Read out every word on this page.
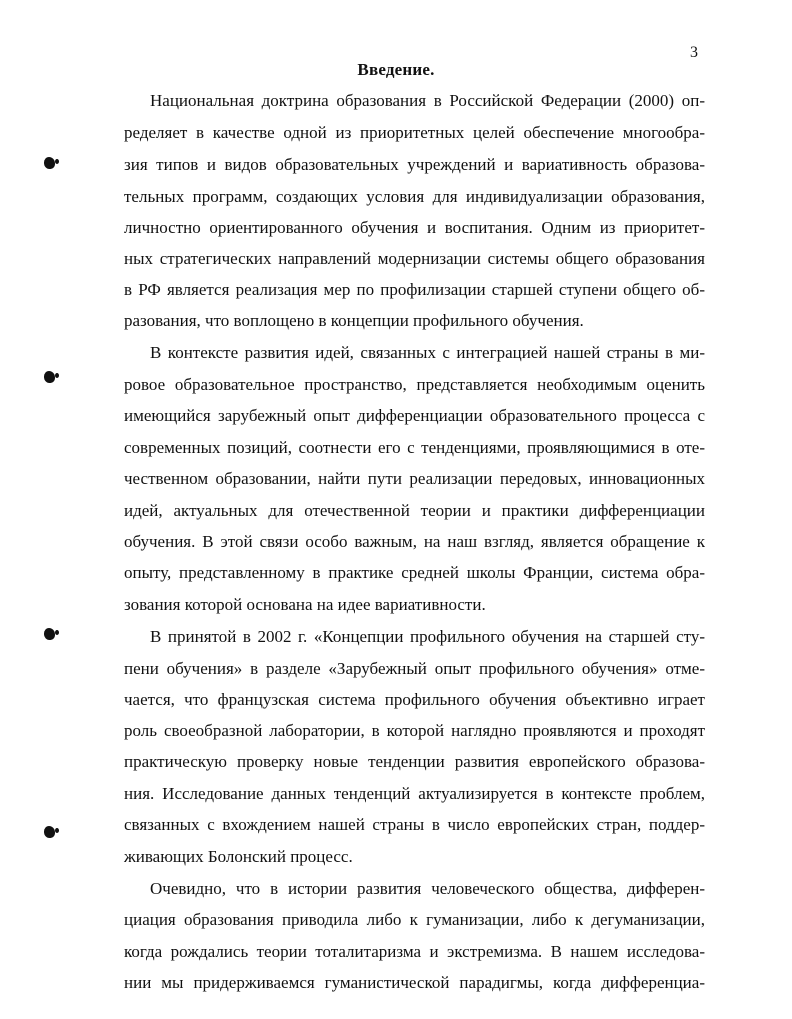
3
Введение.
Национальная доктрина образования в Российской Федерации (2000) оп-
ределяет в качестве одной из приоритетных целей обеспечение многообра-
зия типов и видов образовательных учреждений и вариативность образова-
тельных программ, создающих условия для индивидуализации образования,
личностно ориентированного обучения и воспитания. Одним из приоритет-
ных стратегических направлений модернизации системы общего образования
в РФ является реализация мер по профилизации старшей ступени общего об-
разования, что воплощено в концепции профильного обучения.
В контексте развития идей, связанных с интеграцией нашей страны в ми-
ровое образовательное пространство, представляется необходимым оценить
имеющийся зарубежный опыт дифференциации образовательного процесса с
современных позиций, соотнести его с тенденциями, проявляющимися в оте-
чественном образовании, найти пути реализации передовых, инновационных
идей, актуальных для отечественной теории и практики дифференциации
обучения. В этой связи особо важным, на наш взгляд, является обращение к
опыту, представленному в практике средней школы Франции, система обра-
зования которой основана на идее вариативности.
В принятой в 2002 г. «Концепции профильного обучения на старшей сту-
пени обучения» в разделе «Зарубежный опыт профильного обучения» отме-
чается, что французская система профильного обучения объективно играет
роль своеобразной лаборатории, в которой наглядно проявляются и проходят
практическую проверку новые тенденции развития европейского образова-
ния. Исследование данных тенденций актуализируется в контексте проблем,
связанных с вхождением нашей страны в число европейских стран, поддер-
живающих Болонский процесс.
Очевидно, что в истории развития человеческого общества, дифферен-
циация образования приводила либо к гуманизации, либо к дегуманизации,
когда рождались теории тоталитаризма и экстремизма. В нашем исследова-
нии мы придерживаемся гуманистической парадигмы, когда дифференциа-
